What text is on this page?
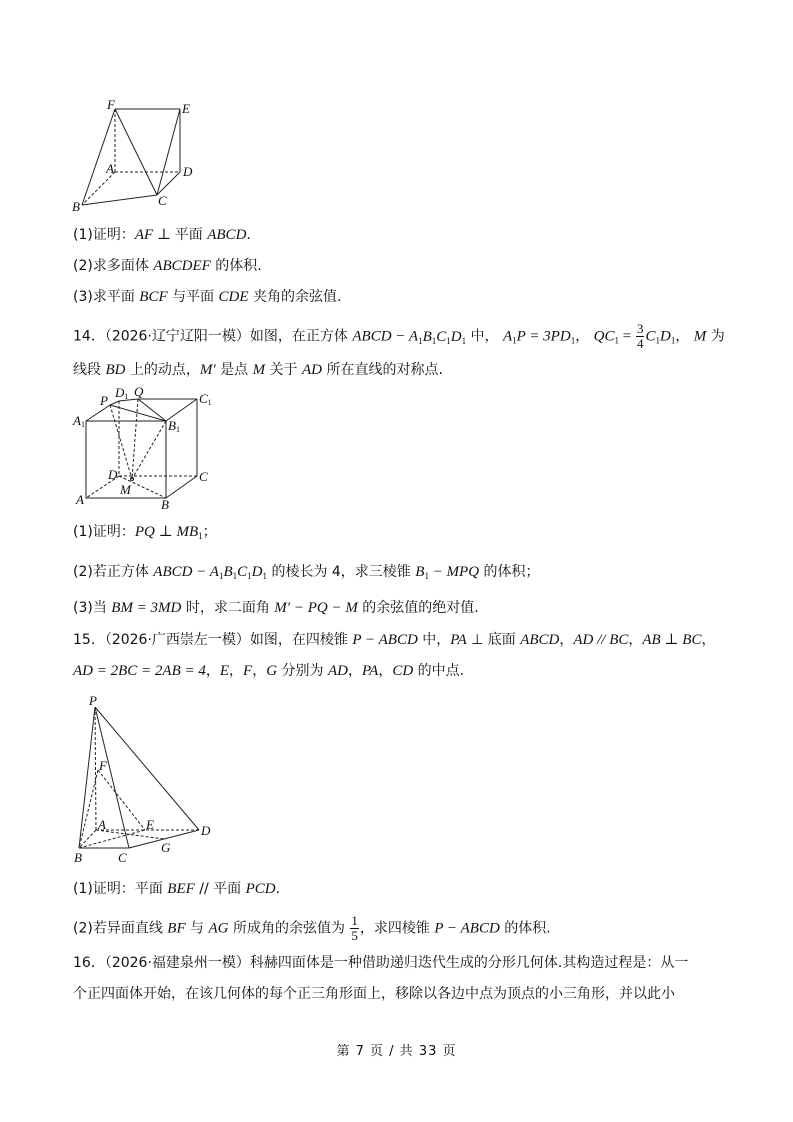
F	E
A	D
B	C
(1)证明：AF ⊥ 平面 ABCD.
(2)求多面体 ABCDEF 的体积.
(3)求平面 BCF 与平面 CDE 夹角的余弦值.
14．（2026·辽宁辽阳一模）如图，在正方体 ABCD − $A_1B_1C_1D_1$ 中， $A_1P = 3PD_1$， $QC_1 = \frac{3}{4} C_1D_1$， M 为
线段 BD 上的动点，M′ 是点 M 关于 AD 所在直线的对称点.
P
D1 Q	C1
A1	B1
D	C
M
A	B
(1)证明：PQ ⊥ $MB_1$；
(2)若正方体 ABCD − $A_1B_1C_1D_1$ 的棱长为 4，求三棱锥 $B_1$ − MPQ 的体积；
(3)当 BM = 3MD 时，求二面角 M′ − PQ − M 的余弦值的绝对值.
15．（2026·广西崇左一模）如图，在四棱锥 P − ABCD 中，PA ⊥ 底面 ABCD，AD // BC，AB ⊥ BC，
AD = 2BC = 2AB = 4，E，F，G 分别为 AD，PA，CD 的中点.
P
F
A	E	D
B	C
G
(1)证明：平面 BEF // 平面 PCD.
(2)若异面直线 BF 与 AG 所成角的余弦值为 $\frac{1}{5}$ ，求四棱锥 P − ABCD 的体积.
16．（2026·福建泉州一模）科赫四面体是一种借助递归迭代生成的分形几何体.其构造过程是：从一
个正四面体开始，在该几何体的每个正三角形面上，移除以各边中点为顶点的小三角形，并以此小
第 7 页 / 共 33 页
